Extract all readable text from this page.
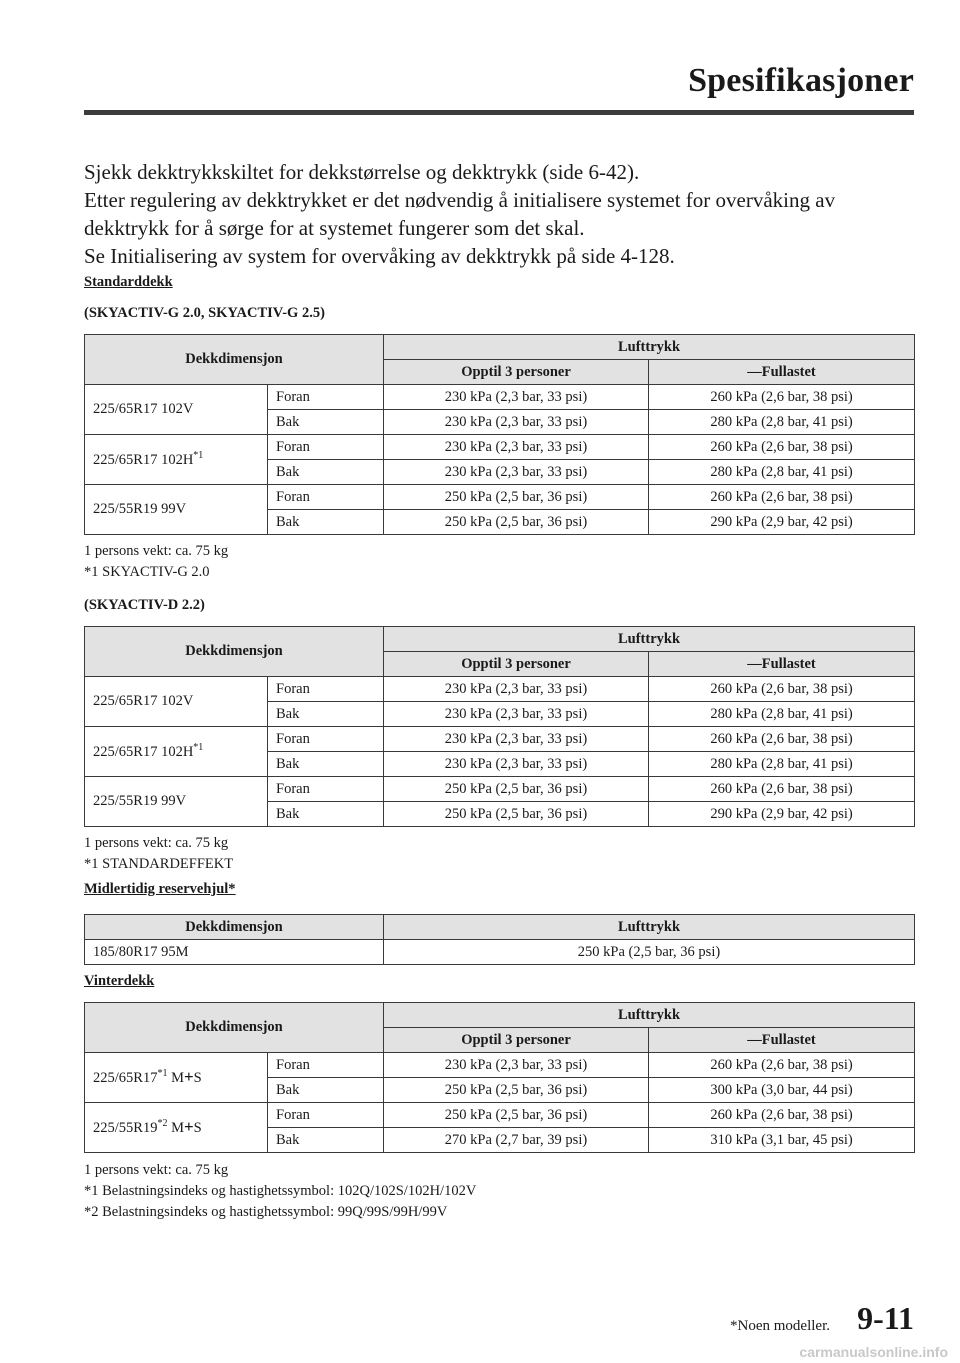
Spesifikasjoner
Sjekk dekktrykkskiltet for dekkstørrelse og dekktrykk (side 6-42).
Etter regulering av dekktrykket er det nødvendig å initialisere systemet for overvåking av
dekktrykk for å sørge for at systemet fungerer som det skal.
Se Initialisering av system for overvåking av dekktrykk på side 4-128.
Standarddekk
(SKYACTIV-G 2.0, SKYACTIV-G 2.5)
Dekkdimensjon		Lufttrykk	
		Opptil 3 personer	—Fullastet
225/65R17 102V	Foran	230 kPa (2,3 bar, 33 psi)	260 kPa (2,6 bar, 38 psi)
	Bak	230 kPa (2,3 bar, 33 psi)	280 kPa (2,8 bar, 41 psi)
225/65R17 $102H^{*1}$	Foran	230 kPa (2,3 bar, 33 psi)	260 kPa (2,6 bar, 38 psi)
	Bak	230 kPa (2,3 bar, 33 psi)	280 kPa (2,8 bar, 41 psi)
225/55R19 99V	Foran	250 kPa (2,5 bar, 36 psi)	260 kPa (2,6 bar, 38 psi)
	Bak	250 kPa (2,5 bar, 36 psi)	290 kPa (2,9 bar, 42 psi)
1 persons vekt: ca. 75 kg
*1 SKYACTIV-G 2.0
(SKYACTIV-D 2.2)
Dekkdimensjon		Lufttrykk	
		Opptil 3 personer	—Fullastet
225/65R17 102V	Foran	230 kPa (2,3 bar, 33 psi)	260 kPa (2,6 bar, 38 psi)
	Bak	230 kPa (2,3 bar, 33 psi)	280 kPa (2,8 bar, 41 psi)
225/65R17 $102H^{*1}$	Foran	230 kPa (2,3 bar, 33 psi)	260 kPa (2,6 bar, 38 psi)
	Bak	230 kPa (2,3 bar, 33 psi)	280 kPa (2,8 bar, 41 psi)
225/55R19 99V	Foran	250 kPa (2,5 bar, 36 psi)	260 kPa (2,6 bar, 38 psi)
	Bak	250 kPa (2,5 bar, 36 psi)	290 kPa (2,9 bar, 42 psi)
1 persons vekt: ca. 75 kg
*1 STANDARDEFFEKT
Midlertidig reservehjul*
Dekkdimensjon	Lufttrykk
185/80R17 95M	250 kPa (2,5 bar, 36 psi)
Vinterdekk
Dekkdimensjon		Lufttrykk	
		Opptil 3 personer	—Fullastet
225/65R17$^{*1}$ M+S	Foran	230 kPa (2,3 bar, 33 psi)	260 kPa (2,6 bar, 38 psi)
	Bak	250 kPa (2,5 bar, 36 psi)	300 kPa (3,0 bar, 44 psi)
225/55R19$^{*2}$ M+S	Foran	250 kPa (2,5 bar, 36 psi)	260 kPa (2,6 bar, 38 psi)
	Bak	270 kPa (2,7 bar, 39 psi)	310 kPa (3,1 bar, 45 psi)
1 persons vekt: ca. 75 kg
*1 Belastningsindeks og hastighetssymbol: 102Q/102S/102H/102V
*2 Belastningsindeks og hastighetssymbol: 99Q/99S/99H/99V
*Noen modeller. 9-11
carmanualsonline.info
